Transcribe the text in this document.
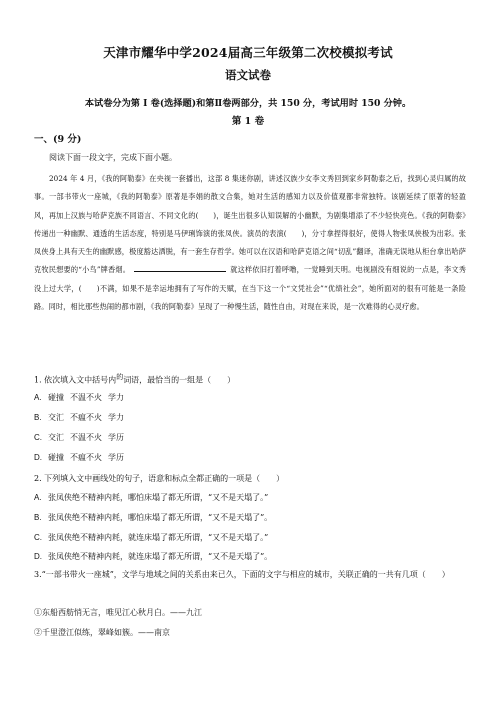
天津市耀华中学2024届高三年级第二次校模拟考试
语文试卷
本试卷分为第 I 卷(选择题)和第Ⅱ卷两部分，共 150 分，考试用时 150 分钟。
第 1 卷
一、(9 分)
阅读下面一段文字，完成下面小题。

2024 年 4 月，《我的阿勒泰》在央视一套播出，这部 8 集迷你剧，讲述汉族少女李文秀回到家乡阿勒泰之后，找到心灵归属的故事。一部书带火一座城，《我的阿勒泰》原著是李娟的散文合集，她对生活的感知力以及价值观都非常独特。该剧延续了原著的轻盈风，再加上汉族与哈萨克族不同语言、不同文化的(　　)，诞生出很多认知误解的小幽默，为剧集增添了不少轻快亮色。《我的阿勒泰》传递出一种幽默、通透的生活态度，特别是马伊琍饰演的张凤侠。演员的表演(　　)，分寸拿捏得很好，使得人物张凤侠极为出彩。张凤侠身上具有天生的幽默感，极度豁达洒脱，有一套生存哲学。她可以在汉语和哈萨克语之间“切乱”翻译，准确无误地从柜台拿出哈萨克牧民想要的“小鸟”牌香烟。	就这样依旧打着呼噜，一觉睡到天明。电视剧没有细说的一点是，李文秀没上过大学，(　　)不满，如果不是幸运地拥有了写作的天赋，在当下这一个“文凭社会”“优绩社会”，她所面对的很有可能是一条险路。同时，相比那些热闹的都市剧，《我的阿勒泰》呈现了一种慢生活，随性自由，对现在来说，是一次难得的心灵疗愈。

1. 依次填入文中括号内$^的$词语，最恰当的一组是（　　）
A. 碰撞 不温不火 学力
B. 交汇 不瘟不火 学力
C. 交汇 不温不火 学历
D. 碰撞 不瘟不火 学历
2. 下列填入文中画线处的句子，语意和标点全都正确的一项是（　　）
A. 张凤侠绝不精神内耗，哪怕床塌了都无所谓，“又不是天塌了。”
B. 张凤侠绝不精神内耗，哪怕床塌了都无所谓，“又不是天塌了”。
C. 张凤侠绝不精神内耗，就连床塌了都无所谓，“又不是天塌了。”
D. 张凤侠绝不精神内耗，就连床塌了都无所谓，“又不是天塌了”。
3.“一部书带火一座城”，文学与地域之间的关系由来已久，下面的文字与相应的城市，关联正确的一共有几项（　　）
①东船西舫悄无言，唯见江心秋月白。——九江
②千里澄江似练，翠峰如簇。——南京
